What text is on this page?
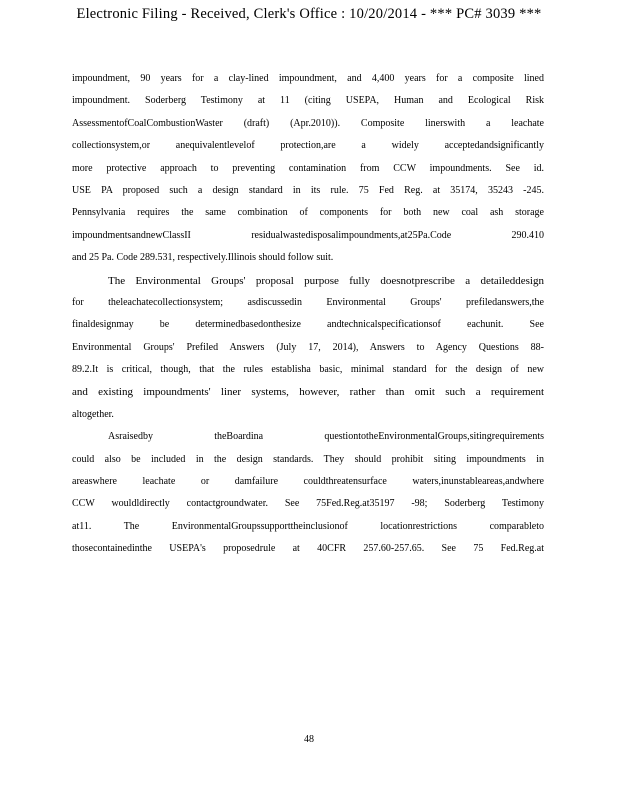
Electronic Filing - Received, Clerk's Office : 10/20/2014 - *** PC# 3039 ***
impoundment, 90 years for a clay-lined impoundment, and 4,400 years for a composite lined
impoundment. Soderberg Testimony at 11 (citing USEPA, Human and Ecological Risk
AssessmentofCoalCombustionWaster (draft) (Apr.2010)). Composite linerswith a leachate
collectionsystem,or anequivalentlevelof protection,are a widely acceptedandsignificantly
more protective approach to preventing contamination from CCW impoundments. See id.
USE PA proposed such a design standard in its rule. 75 Fed Reg. at 35174, 35243 -245.
Pennsylvania requires the same combination of components for both new coal ash storage
impoundmentsandnewClassII residualwastedisposalimpoundments,at25Pa.Code 290.410
and 25 Pa. Code 289.531, respectively.Illinois should follow suit.
The Environmental Groups' proposal purpose fully doesnotprescribe a detaileddesign
for theleachatecollectionsystem; asdiscussedin Environmental Groups' prefiledanswers,the
finaldesignmay be determinedbasedonthesize andtechnicalspecificationsof eachunit. See
Environmental Groups' Prefiled Answers (July 17, 2014), Answers to Agency Questions 88-
89.2.It is critical, though, that the rules establisha basic, minimal standard for the design of new
and existing impoundments' liner systems, however, rather than omit such a requirement
altogether.
Asraisedby theBoardina questiontotheEnvironmentalGroups,sitingrequirements
could also be included in the design standards. They should prohibit siting impoundments in
areaswhere leachate or damfailure couldthreatensurface waters,inunstableareas,andwhere
CCW wouldldirectly contactgroundwater. See 75Fed.Reg.at35197 -98; Soderberg Testimony
at11. The EnvironmentalGroupssupporttheinclusionof locationrestrictions comparableto
thosecontainedinthe USEPA's proposedrule at 40CFR 257.60-257.65. See 75 Fed.Reg.at
48
